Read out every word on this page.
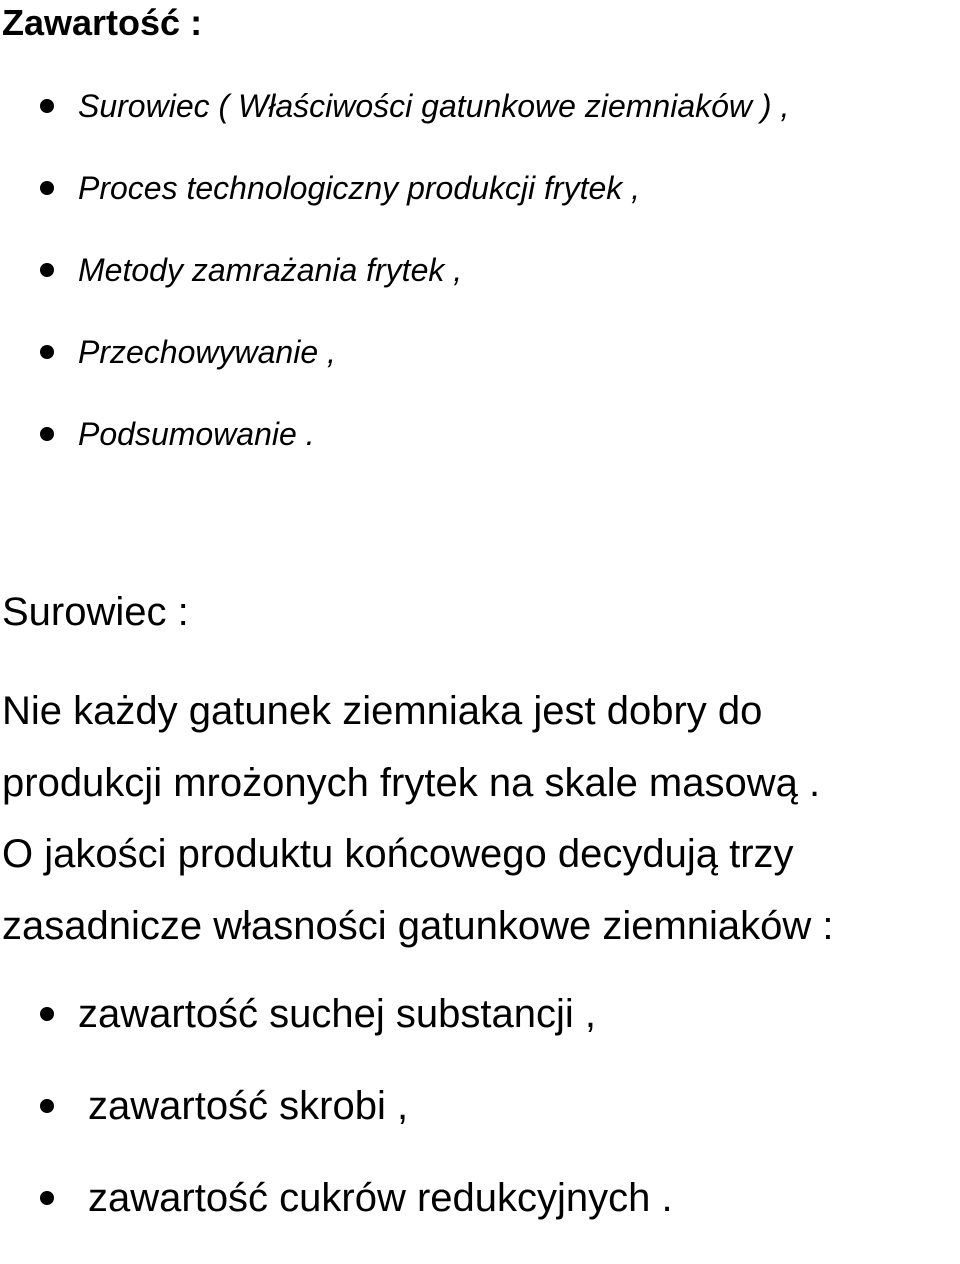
Zawartość :
Surowiec ( Właściwości gatunkowe ziemniaków ) ,
Proces technologiczny produkcji frytek ,
Metody zamrażania frytek ,
Przechowywanie ,
Podsumowanie .
Surowiec :
Nie każdy gatunek ziemniaka jest dobry do
produkcji mrożonych frytek na skale masową .
O jakości produktu końcowego decydują trzy
zasadnicze własności gatunkowe ziemniaków :
zawartość suchej substancji ,
zawartość skrobi ,
zawartość cukrów redukcyjnych .
